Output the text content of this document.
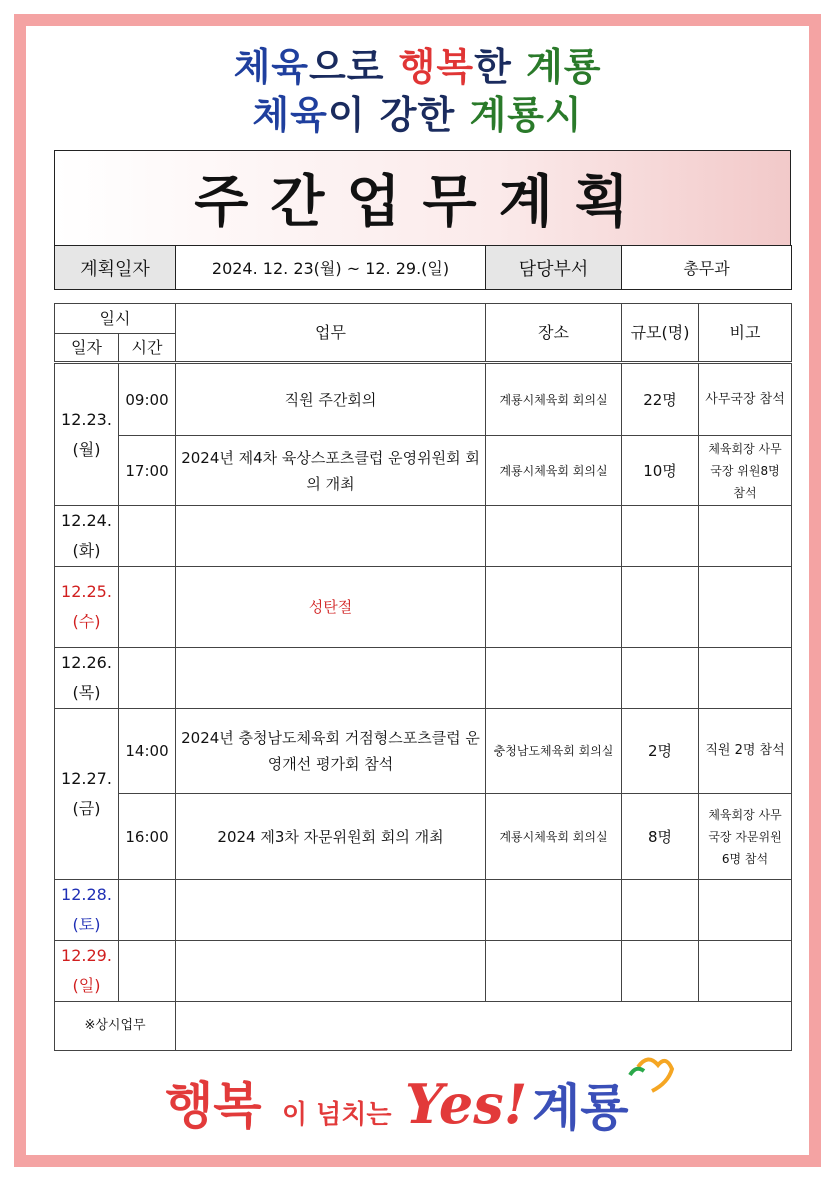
체육으로 행복한 계룡
체육이 강한 계룡시
주간업무계획
계획일자	2024. 12. 23(월) ~ 12. 29.(일)	담당부서	총무과
일시		업무	장소	규모(명)	비고
일자	시간				

12.23.
(월)	09:00	직원 주간회의	계룡시체육회 회의실	22명	사무국장 참석
	17:00	2024년 제4차 육상스포츠클럽 운영위원회 회의 개최	계룡시체육회 회의실	10명	체육회장 사무국장 위원8명 참석

12.24.
(화)					

12.25.
(수)		성탄절			

12.26.
(목)					

12.27.
(금)	14:00	2024년 충청남도체육회 거점형스포츠클럽 운영개선 평가회 참석	충청남도체육회 회의실	2명	직원 2명 참석
	16:00	2024 제3차 자문위원회 회의 개최	계룡시체육회 회의실	8명	체육회장 사무국장 자문위원 6명 참석

12.28.
(토)					

12.29.
(일)					

※상시업무					
행복 이 넘치는 Yes! 계룡
